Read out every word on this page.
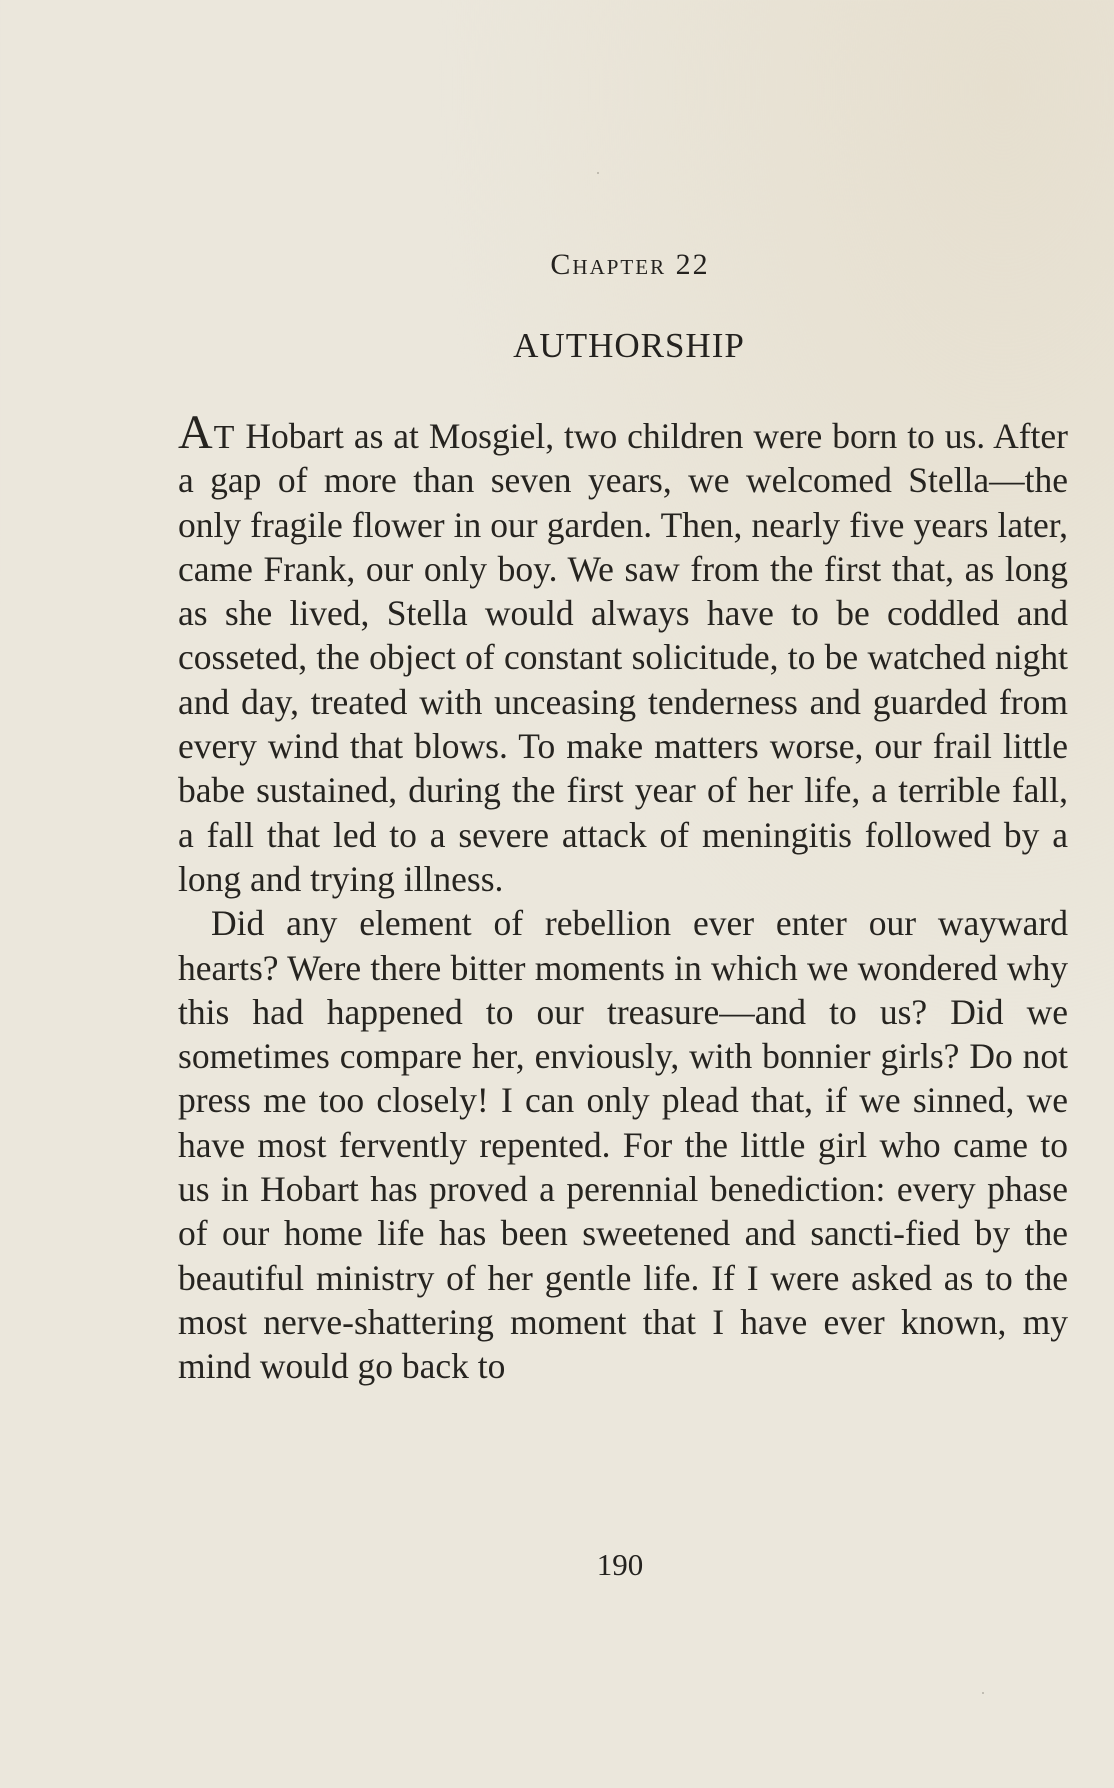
Chapter 22
AUTHORSHIP

At Hobart as at Mosgiel, two children were born to us. After a gap of more than seven years, we welcomed Stella—the only fragile flower in our garden. Then, nearly five years later, came Frank, our only boy. We saw from the first that, as long as she lived, Stella would always have to be coddled and cosseted, the object of constant solicitude, to be watched night and day, treated with unceasing tenderness and guarded from every wind that blows. To make matters worse, our frail little babe sustained, during the first year of her life, a terrible fall, a fall that led to a severe attack of meningitis followed by a long and trying illness.

Did any element of rebellion ever enter our wayward hearts? Were there bitter moments in which we wondered why this had happened to our treasure—and to us? Did we sometimes compare her, enviously, with bonnier girls? Do not press me too closely! I can only plead that, if we sinned, we have most fervently repented. For the little girl who came to us in Hobart has proved a perennial benediction: every phase of our home life has been sweetened and sancti-fied by the beautiful ministry of her gentle life. If I were asked as to the most nerve-shattering moment that I have ever known, my mind would go back to

190
